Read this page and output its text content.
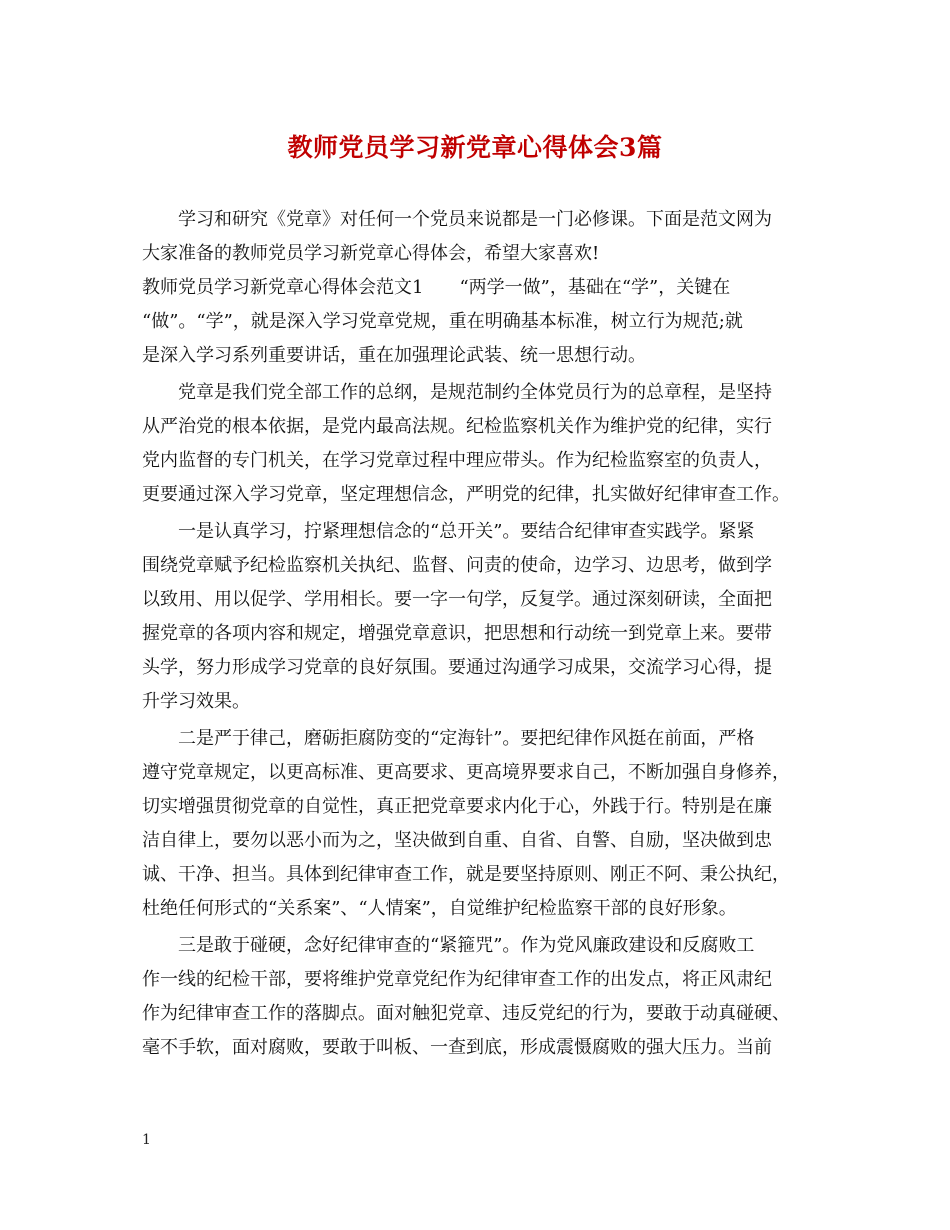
教师党员学习新党章心得体会3篇
　　学习和研究《党章》对任何一个党员来说都是一门必修课。下面是范文网为
大家准备的教师党员学习新党章心得体会，希望大家喜欢!
教师党员学习新党章心得体会范文1　　“两学一做”，基础在“学”，关键在
“做”。“学”，就是深入学习党章党规，重在明确基本标准，树立行为规范;就
是深入学习系列重要讲话，重在加强理论武装、统一思想行动。
　　党章是我们党全部工作的总纲，是规范制约全体党员行为的总章程，是坚持
从严治党的根本依据，是党内最高法规。纪检监察机关作为维护党的纪律，实行
党内监督的专门机关，在学习党章过程中理应带头。作为纪检监察室的负责人，
更要通过深入学习党章，坚定理想信念，严明党的纪律，扎实做好纪律审查工作。
　　一是认真学习，拧紧理想信念的“总开关”。要结合纪律审查实践学。紧紧
围绕党章赋予纪检监察机关执纪、监督、问责的使命，边学习、边思考，做到学
以致用、用以促学、学用相长。要一字一句学，反复学。通过深刻研读，全面把
握党章的各项内容和规定，增强党章意识，把思想和行动统一到党章上来。要带
头学，努力形成学习党章的良好氛围。要通过沟通学习成果，交流学习心得，提
升学习效果。
　　二是严于律己，磨砺拒腐防变的“定海针”。要把纪律作风挺在前面，严格
遵守党章规定，以更高标准、更高要求、更高境界要求自己，不断加强自身修养，
切实增强贯彻党章的自觉性，真正把党章要求内化于心，外践于行。特别是在廉
洁自律上，要勿以恶小而为之，坚决做到自重、自省、自警、自励，坚决做到忠
诚、干净、担当。具体到纪律审查工作，就是要坚持原则、刚正不阿、秉公执纪，
杜绝任何形式的“关系案”、“人情案”，自觉维护纪检监察干部的良好形象。
　　三是敢于碰硬，念好纪律审查的“紧箍咒”。作为党风廉政建设和反腐败工
作一线的纪检干部，要将维护党章党纪作为纪律审查工作的出发点，将正风肃纪
作为纪律审查工作的落脚点。面对触犯党章、违反党纪的行为，要敢于动真碰硬、
毫不手软，面对腐败，要敢于叫板、一查到底，形成震慑腐败的强大压力。当前
1
